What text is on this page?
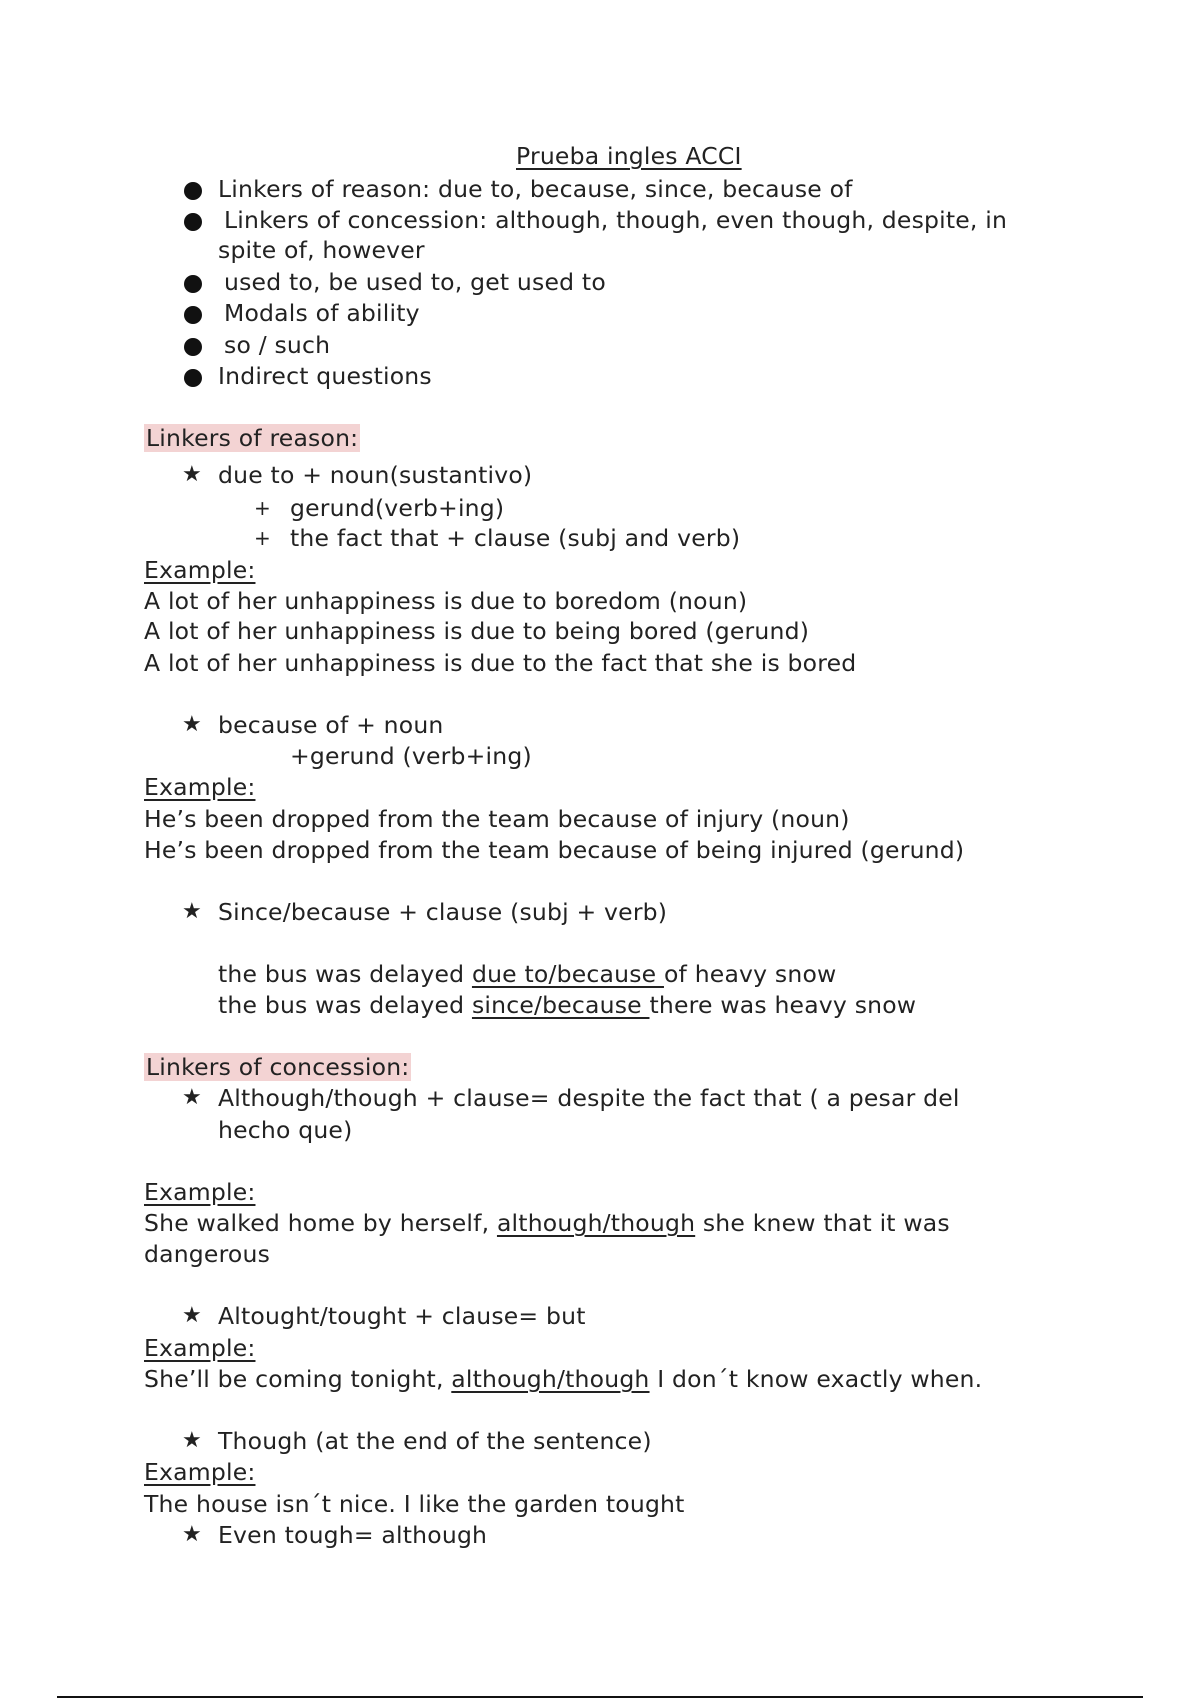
Prueba ingles ACCI
Linkers of reason: due to, because, since, because of
Linkers of concession: although, though, even though, despite, in
spite of, however
used to, be used to, get used to
Modals of ability
so / such
Indirect questions
Linkers of reason:
★ due to + noun(sustantivo)
+ gerund(verb+ing)
+ the fact that + clause (subj and verb)
Example:
A lot of her unhappiness is due to boredom (noun)
A lot of her unhappiness is due to being bored (gerund)
A lot of her unhappiness is due to the fact that she is bored
★ because of + noun
+gerund (verb+ing)
Example:
He’s been dropped from the team because of injury (noun)
He’s been dropped from the team because of being injured (gerund)
★ Since/because + clause (subj + verb)
the bus was delayed due to/because of heavy snow
the bus was delayed since/because there was heavy snow
Linkers of concession:
★ Although/though + clause= despite the fact that ( a pesar del
hecho que)
Example:
She walked home by herself, although/though she knew that it was
dangerous
★ Altought/tought + clause= but
Example:
She’ll be coming tonight, although/though I don´t know exactly when.
★ Though (at the end of the sentence)
Example:
The house isn´t nice. I like the garden tought
★ Even tough= although
